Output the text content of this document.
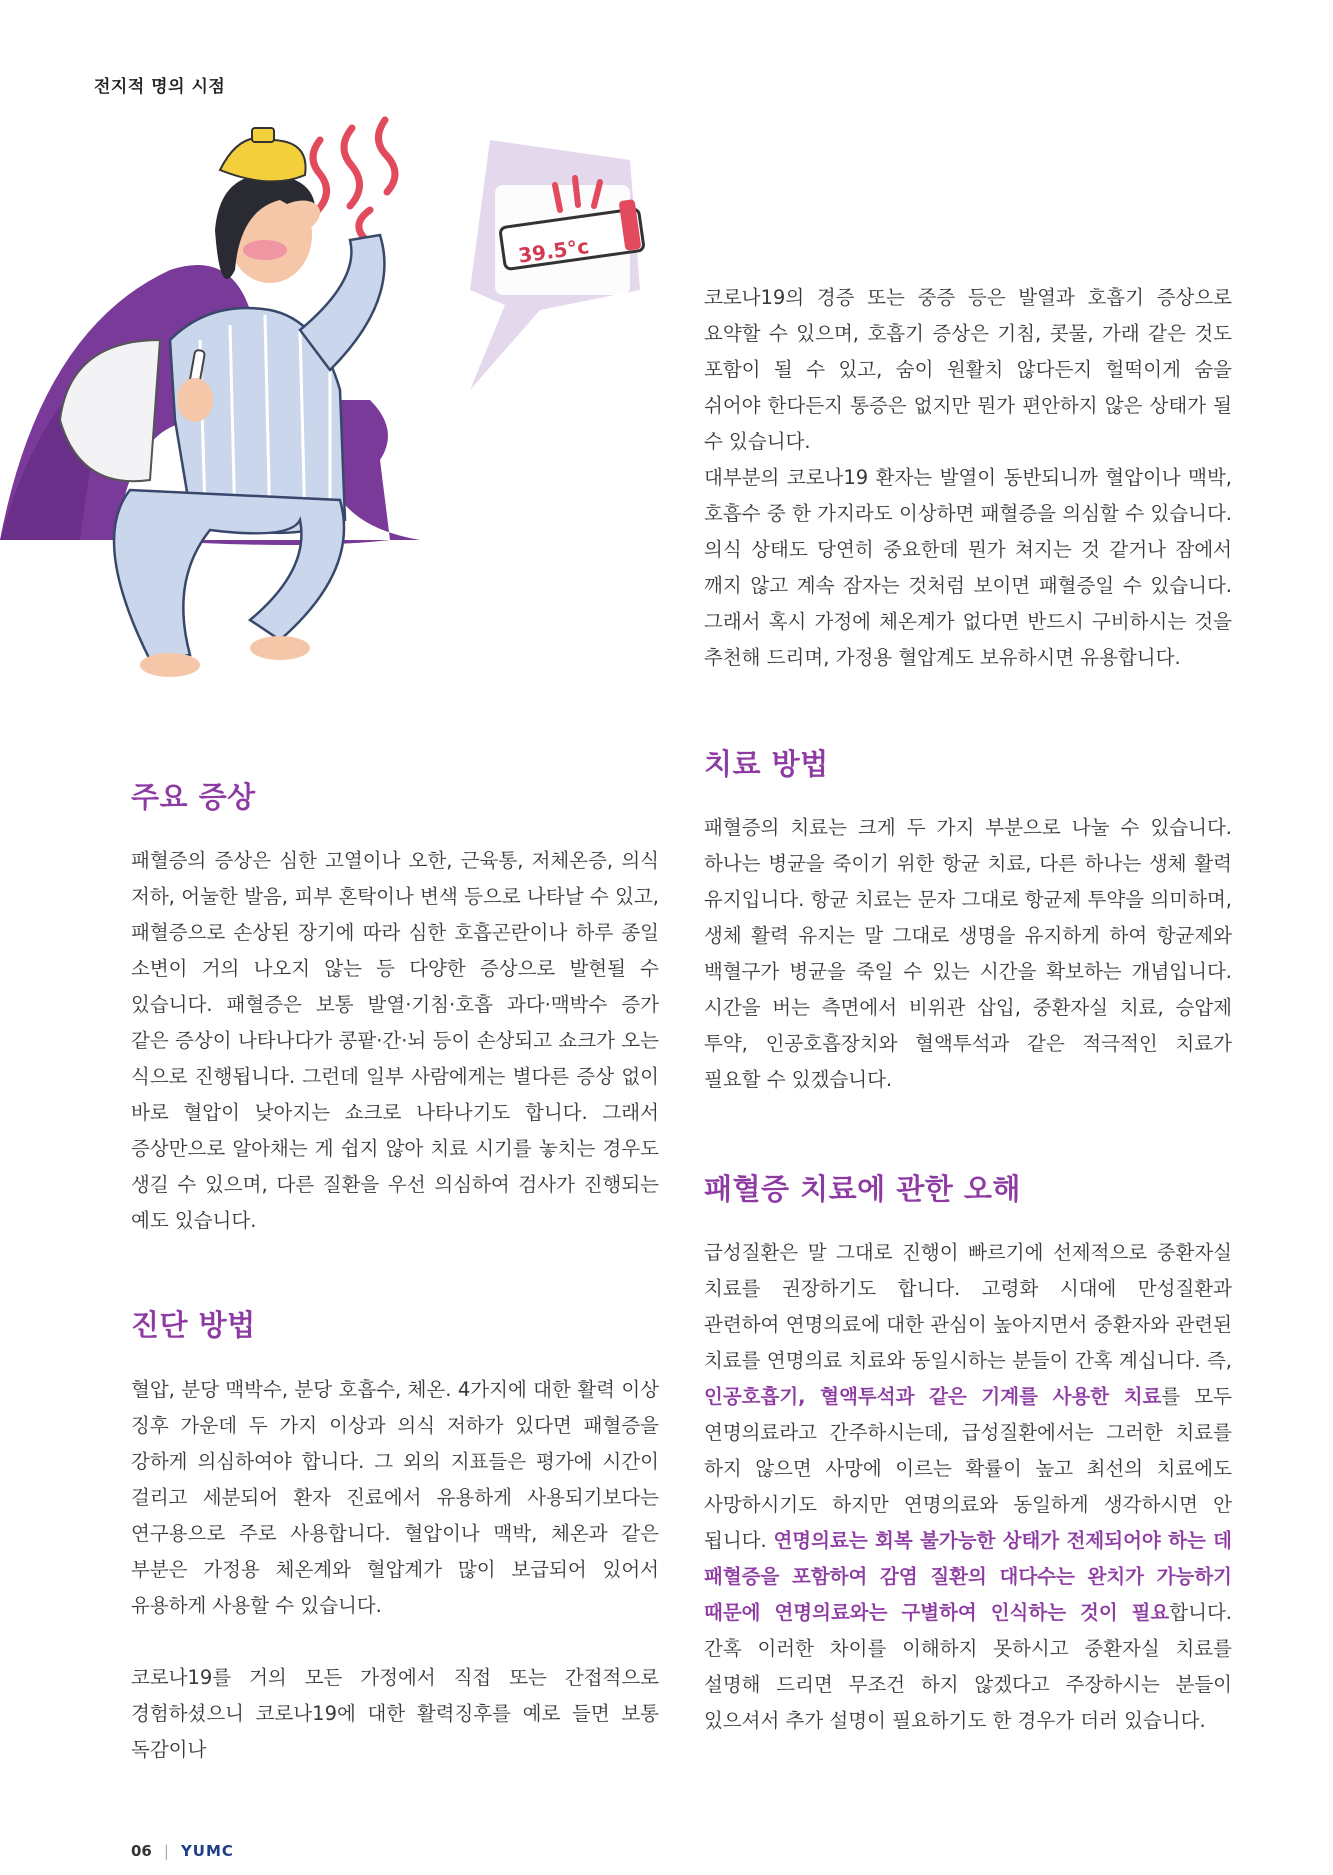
전지적 명의 시점
39.5°c

코로나19의 경증 또는 중증 등은 발열과 호흡기 증상으로 요약할 수 있으며, 호흡기 증상은 기침, 콧물, 가래 같은 것도 포함이 될 수 있고, 숨이 원활치 않다든지 헐떡이게 숨을 쉬어야 한다든지 통증은 없지만 뭔가 편안하지 않은 상태가 될 수 있습니다.

대부분의 코로나19 환자는 발열이 동반되니까 혈압이나 맥박, 호흡수 중 한 가지라도 이상하면 패혈증을 의심할 수 있습니다. 의식 상태도 당연히 중요한데 뭔가 쳐지는 것 같거나 잠에서 깨지 않고 계속 잠자는 것처럼 보이면 패혈증일 수 있습니다. 그래서 혹시 가정에 체온계가 없다면 반드시 구비하시는 것을 추천해 드리며, 가정용 혈압계도 보유하시면 유용합니다.

주요 증상

패혈증의 증상은 심한 고열이나 오한, 근육통, 저체온증, 의식 저하, 어눌한 발음, 피부 혼탁이나 변색 등으로 나타날 수 있고, 패혈증으로 손상된 장기에 따라 심한 호흡곤란이나 하루 종일 소변이 거의 나오지 않는 등 다양한 증상으로 발현될 수 있습니다. 패혈증은 보통 발열·기침·호흡 과다·맥박수 증가 같은 증상이 나타나다가 콩팥·간·뇌 등이 손상되고 쇼크가 오는 식으로 진행됩니다. 그런데 일부 사람에게는 별다른 증상 없이 바로 혈압이 낮아지는 쇼크로 나타나기도 합니다. 그래서 증상만으로 알아채는 게 쉽지 않아 치료 시기를 놓치는 경우도 생길 수 있으며, 다른 질환을 우선 의심하여 검사가 진행되는 예도 있습니다.

진단 방법

혈압, 분당 맥박수, 분당 호흡수, 체온. 4가지에 대한 활력 이상 징후 가운데 두 가지 이상과 의식 저하가 있다면 패혈증을 강하게 의심하여야 합니다. 그 외의 지표들은 평가에 시간이 걸리고 세분되어 환자 진료에서 유용하게 사용되기보다는 연구용으로 주로 사용합니다. 혈압이나 맥박, 체온과 같은 부분은 가정용 체온계와 혈압계가 많이 보급되어 있어서 유용하게 사용할 수 있습니다.

코로나19를 거의 모든 가정에서 직접 또는 간접적으로 경험하셨으니 코로나19에 대한 활력징후를 예로 들면 보통 독감이나

치료 방법

패혈증의 치료는 크게 두 가지 부분으로 나눌 수 있습니다. 하나는 병균을 죽이기 위한 항균 치료, 다른 하나는 생체 활력 유지입니다. 항균 치료는 문자 그대로 항균제 투약을 의미하며, 생체 활력 유지는 말 그대로 생명을 유지하게 하여 항균제와 백혈구가 병균을 죽일 수 있는 시간을 확보하는 개념입니다. 시간을 버는 측면에서 비위관 삽입, 중환자실 치료, 승압제 투약, 인공호흡장치와 혈액투석과 같은 적극적인 치료가 필요할 수 있겠습니다.

패혈증 치료에 관한 오해

급성질환은 말 그대로 진행이 빠르기에 선제적으로 중환자실 치료를 권장하기도 합니다. 고령화 시대에 만성질환과 관련하여 연명의료에 대한 관심이 높아지면서 중환자와 관련된 치료를 연명의료 치료와 동일시하는 분들이 간혹 계십니다. 즉, 인공호흡기, 혈액투석과 같은 기계를 사용한 치료를 모두 연명의료라고 간주하시는데, 급성질환에서는 그러한 치료를 하지 않으면 사망에 이르는 확률이 높고 최선의 치료에도 사망하시기도 하지만 연명의료와 동일하게 생각하시면 안 됩니다. 연명의료는 회복 불가능한 상태가 전제되어야 하는 데 패혈증을 포함하여 감염 질환의 대다수는 완치가 가능하기 때문에 연명의료와는 구별하여 인식하는 것이 필요합니다. 간혹 이러한 차이를 이해하지 못하시고 중환자실 치료를 설명해 드리면 무조건 하지 않겠다고 주장하시는 분들이 있으셔서 추가 설명이 필요하기도 한 경우가 더러 있습니다.

06 | YUMC
